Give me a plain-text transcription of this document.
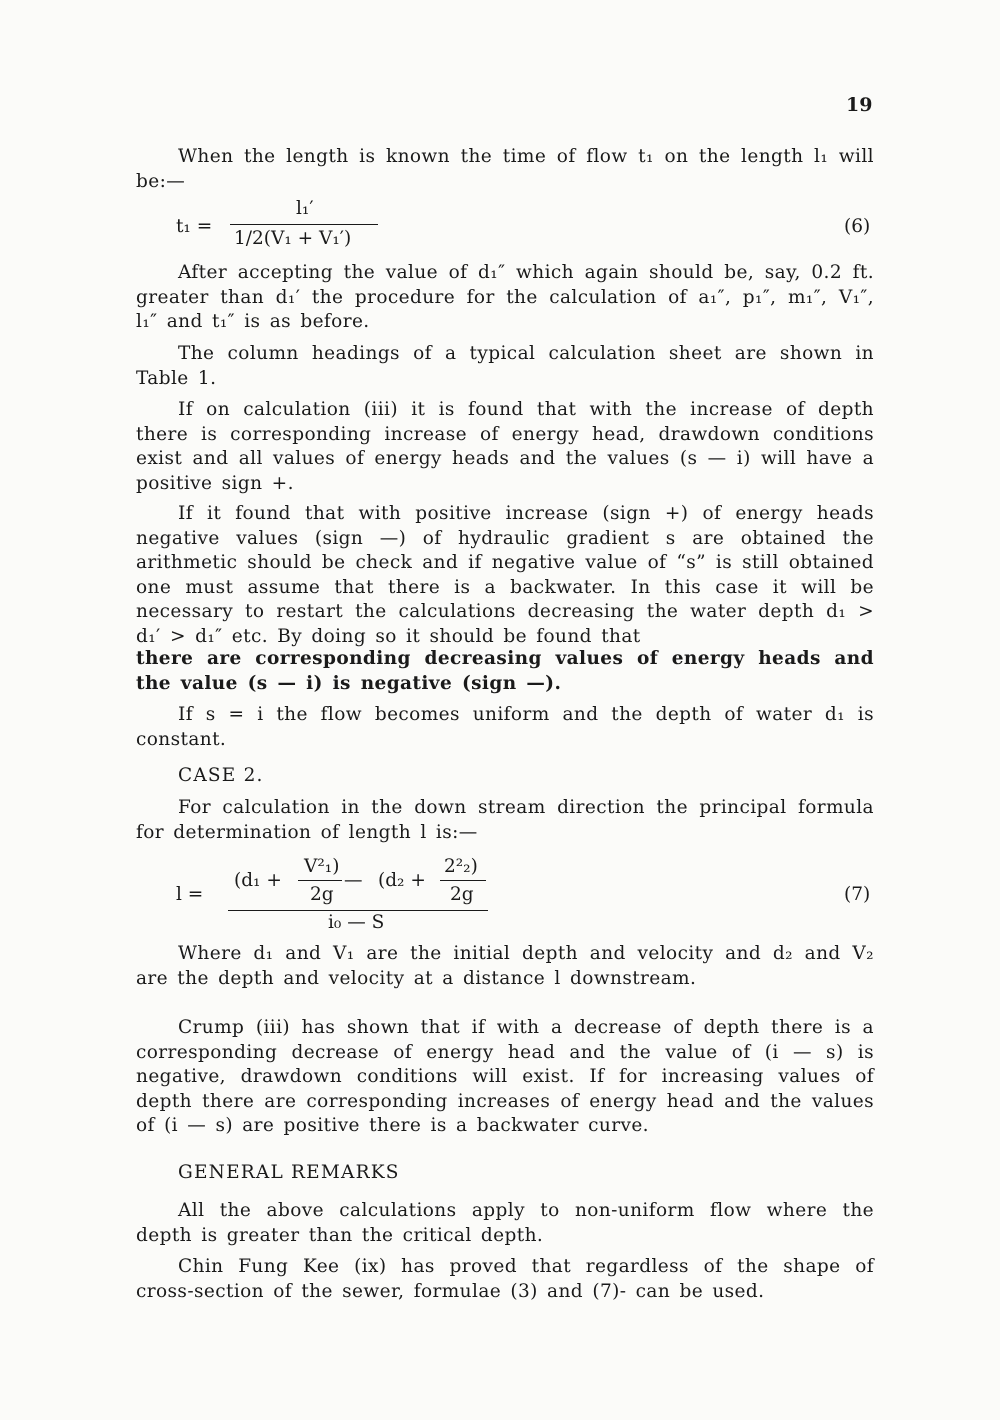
19
When the length is known the time of flow t₁ on the length l₁ will be:—
t₁ =
l₁′
1/2(V₁ + V₁′)
(6)
After accepting the value of d₁″ which again should be, say, 0.2 ft. greater than d₁′ the procedure for the calculation of a₁″, p₁″, m₁″, V₁″, l₁″ and t₁″ is as before.
The column headings of a typical calculation sheet are shown in Table 1.
If on calculation (iii) it is found that with the increase of depth there is corresponding increase of energy head, drawdown conditions exist and all values of energy heads and the values (s — i) will have a positive sign +.
If it found that with positive increase (sign +) of energy heads negative values (sign —) of hydraulic gradient s are obtained the arithmetic should be check and if negative value of “s” is still obtained one must assume that there is a backwater. In this case it will be necessary to restart the calculations decreasing the water depth d₁ > d₁′ > d₁″ etc. By doing so it should be found that
there are corresponding decreasing values of energy heads and the value (s — i) is negative (sign —).
If s = i the flow becomes uniform and the depth of water d₁ is constant.
CASE 2.
For calculation in the down stream direction the principal formula for determination of length l is:—
l =
(d₁ +
V²₁)
2g
— (d₂ +
2²₂)
2g
i₀ — S
(7)
Where d₁ and V₁ are the initial depth and velocity and d₂ and V₂ are the depth and velocity at a distance l downstream.
Crump (iii) has shown that if with a decrease of depth there is a corresponding decrease of energy head and the value of (i — s) is negative, drawdown conditions will exist. If for increasing values of depth there are corresponding increases of energy head and the values of (i — s) are positive there is a backwater curve.
GENERAL REMARKS
All the above calculations apply to non-uniform flow where the depth is greater than the critical depth.
Chin Fung Kee (ix) has proved that regardless of the shape of cross-section of the sewer, formulae (3) and (7)- can be used.
